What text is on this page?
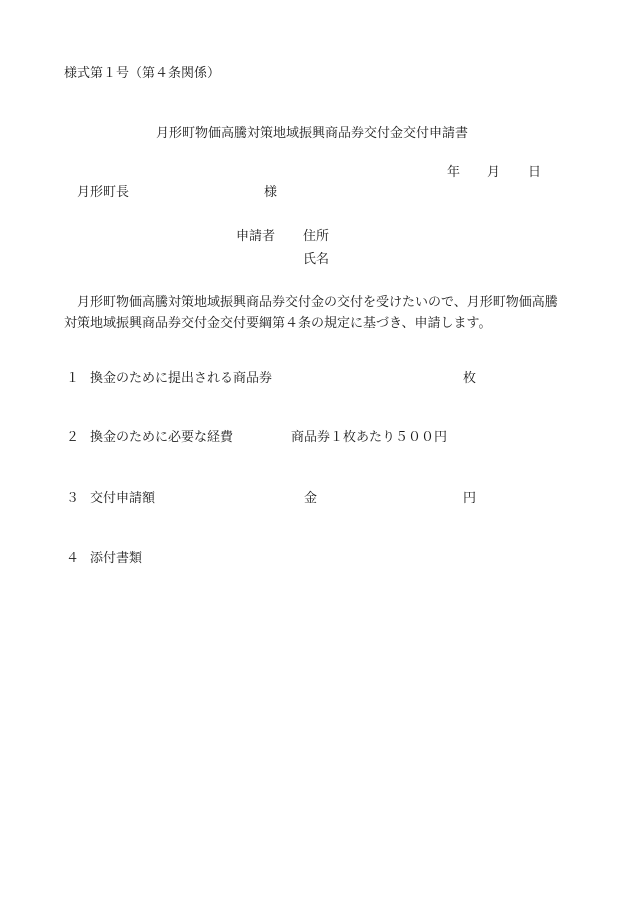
様式第１号（第４条関係）
月形町物価高騰対策地域振興商品券交付金交付申請書
年 月 日
月形町長	様
申請者 住所
氏名
月形町物価高騰対策地域振興商品券交付金の交付を受けたいので、月形町物価高騰
対策地域振興商品券交付金交付要綱第４条の規定に基づき、申請します。
１ 換金のために提出される商品券	枚
２ 換金のために必要な経費	商品券１枚あたり５００円
３ 交付申請額	金	円
４ 添付書類
